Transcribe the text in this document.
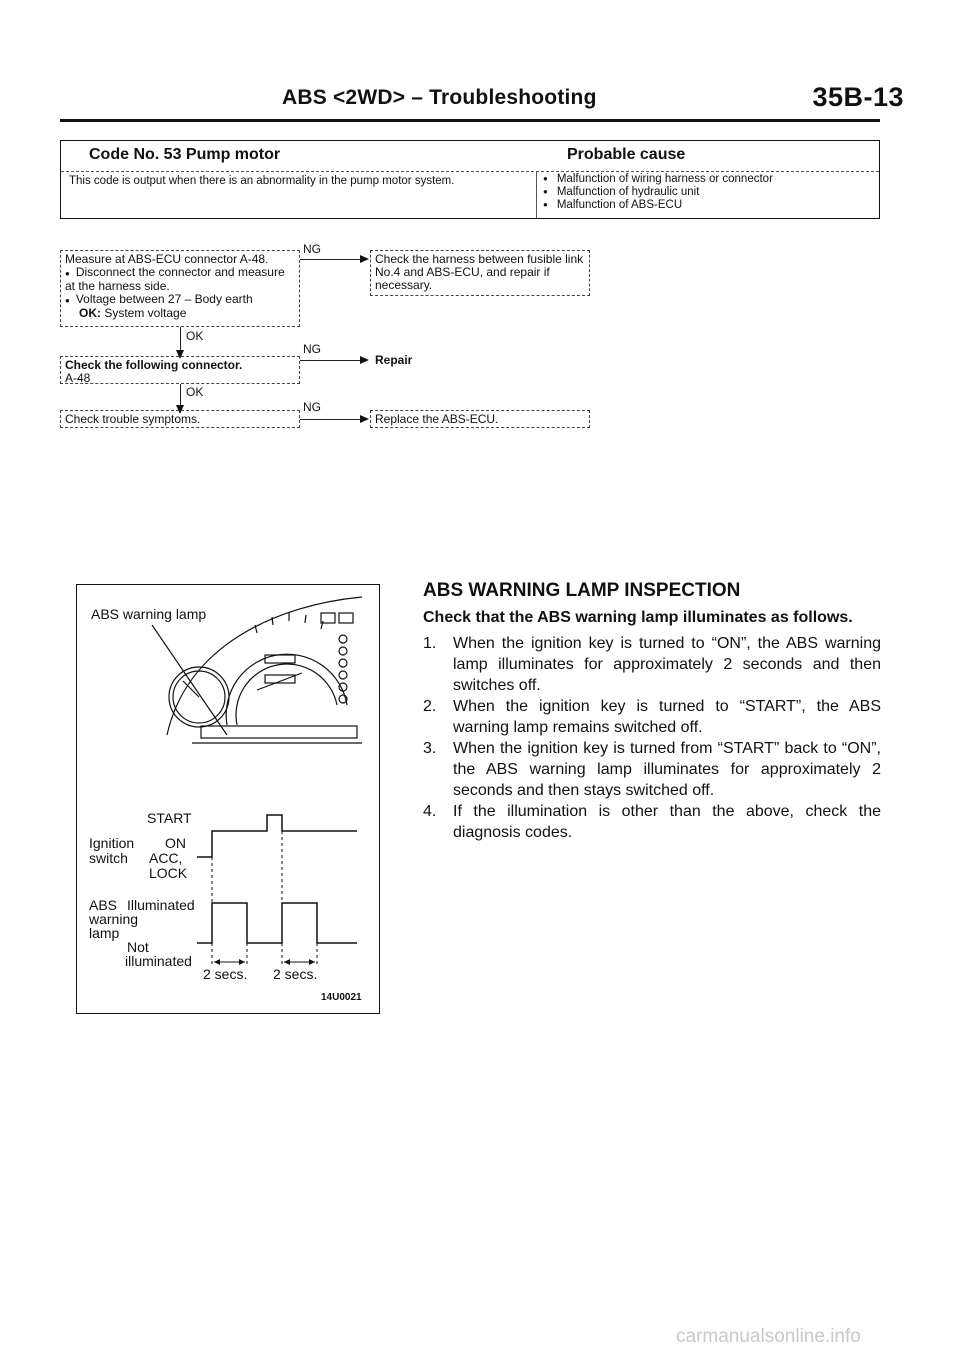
ABS <2WD> – Troubleshooting	35B-13
Code No. 53 Pump motor	Probable cause
This code is output when there is an abnormality in the pump motor system.
●	Malfunction of wiring harness or connector
● Malfunction of hydraulic unit
● Malfunction of ABS-ECU
Measure at ABS-ECU connector A-48.
● Disconnect the connector and measure at the harness side.
● Voltage between 27 – Body earth
OK: System voltage
NG
Check the harness between fusible link No.4 and ABS-ECU, and repair if necessary.
OK
Check the following connector.
A-48
NG
Repair
OK
Check trouble symptoms.
NG
Replace the ABS-ECU.
ABS warning lamp
START
Ignition
switch
ON
ACC,
LOCK
ABS
warning
lamp
Illuminated
Not
illuminated
2 secs. 2 secs.
14U0021
ABS WARNING LAMP INSPECTION
Check that the ABS warning lamp illuminates as follows.
1. When the ignition key is turned to “ON”, the ABS warning lamp illuminates for approximately 2 seconds and then switches off.
2. When the ignition key is turned to “START”, the ABS warning lamp remains switched off.
3. When the ignition key is turned from “START” back to “ON”, the ABS warning lamp illuminates for approximately 2 seconds and then stays switched off.
4. If the illumination is other than the above, check the diagnosis codes.
carmanualsonline.info
